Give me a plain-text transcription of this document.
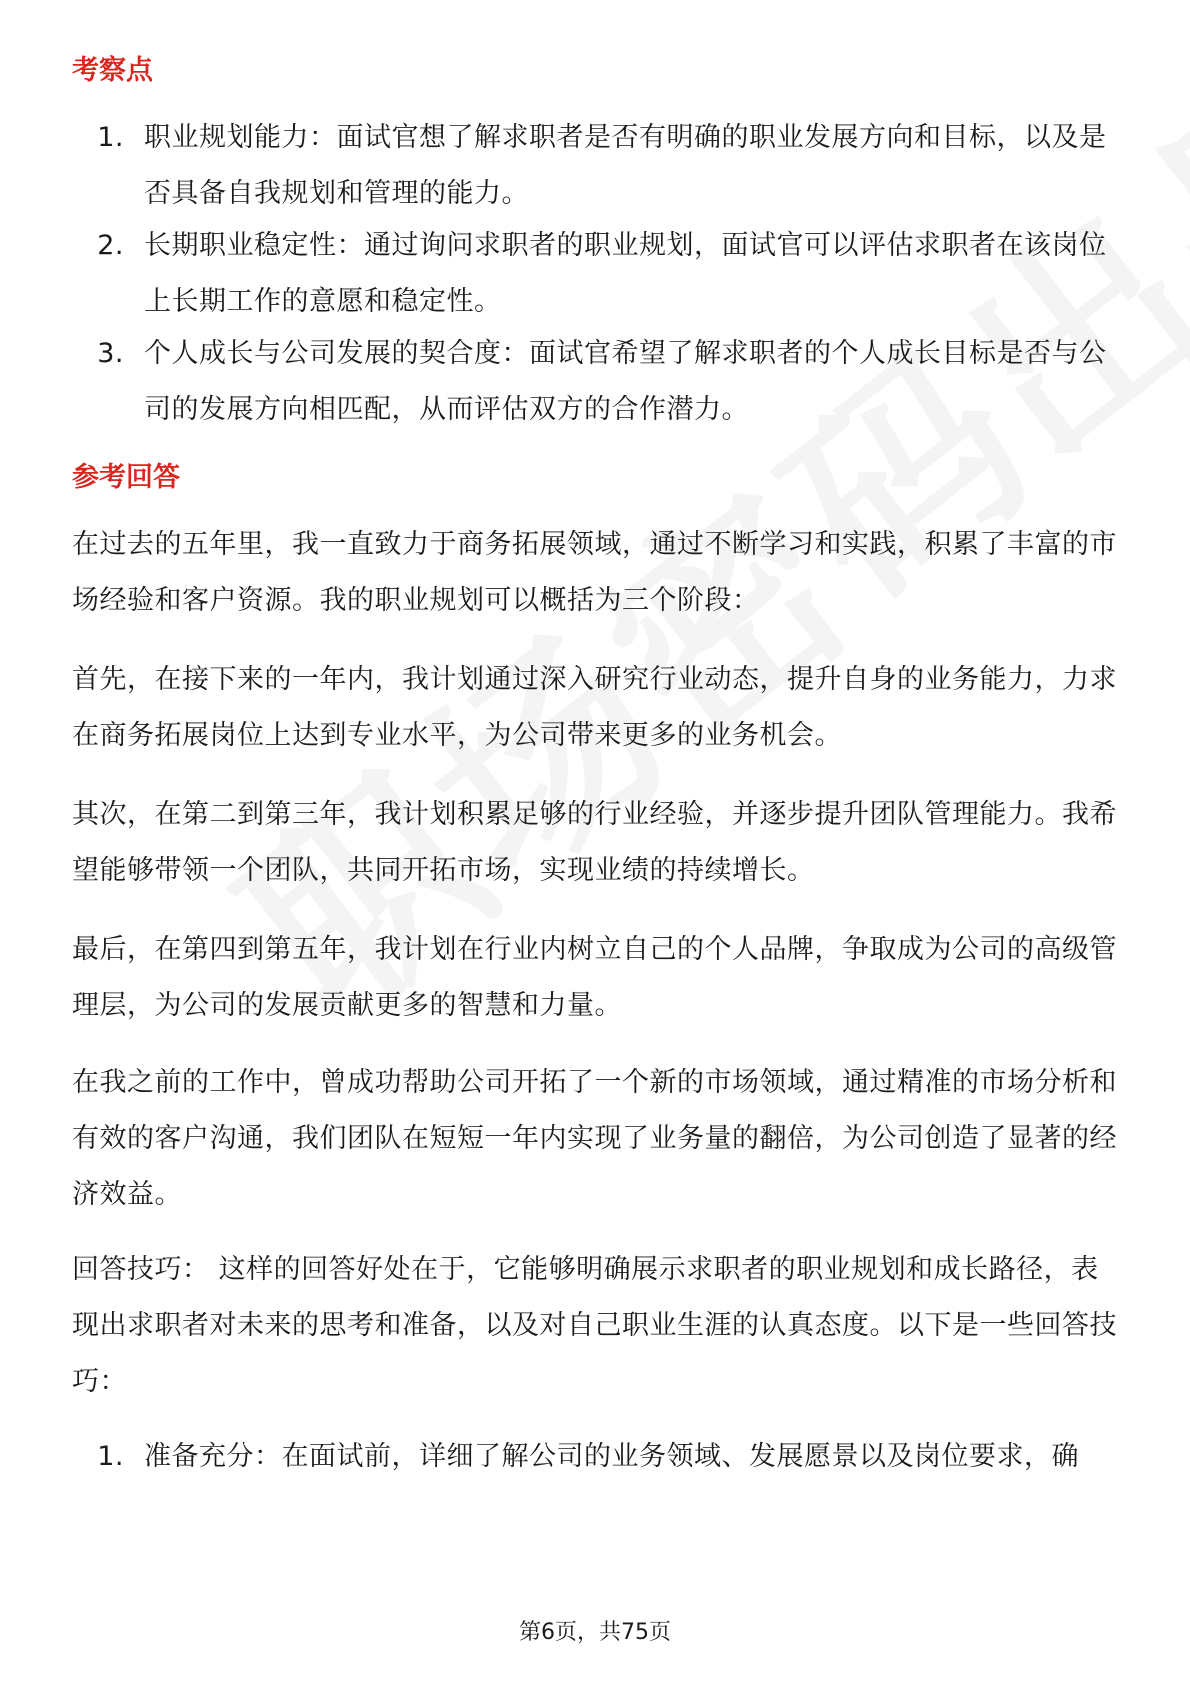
考察点
1. 职业规划能力：面试官想了解求职者是否有明确的职业发展方向和目标，以及是否具备自我规划和管理的能力。
2. 长期职业稳定性：通过询问求职者的职业规划，面试官可以评估求职者在该岗位上长期工作的意愿和稳定性。
3. 个人成长与公司发展的契合度：面试官希望了解求职者的个人成长目标是否与公司的发展方向相匹配，从而评估双方的合作潜力。
参考回答

在过去的五年里，我一直致力于商务拓展领域，通过不断学习和实践，积累了丰富的市场经验和客户资源。我的职业规划可以概括为三个阶段：

首先，在接下来的一年内，我计划通过深入研究行业动态，提升自身的业务能力，力求在商务拓展岗位上达到专业水平，为公司带来更多的业务机会。

其次，在第二到第三年，我计划积累足够的行业经验，并逐步提升团队管理能力。我希望能够带领一个团队，共同开拓市场，实现业绩的持续增长。

最后，在第四到第五年，我计划在行业内树立自己的个人品牌，争取成为公司的高级管理层，为公司的发展贡献更多的智慧和力量。

在我之前的工作中，曾成功帮助公司开拓了一个新的市场领域，通过精准的市场分析和有效的客户沟通，我们团队在短短一年内实现了业务量的翻倍，为公司创造了显著的经济效益。

回答技巧： 这样的回答好处在于，它能够明确展示求职者的职业规划和成长路径，表现出求职者对未来的思考和准备，以及对自己职业生涯的认真态度。以下是一些回答技巧：

1. 准备充分：在面试前，详细了解公司的业务领域、发展愿景以及岗位要求，确
第6页，共75页
